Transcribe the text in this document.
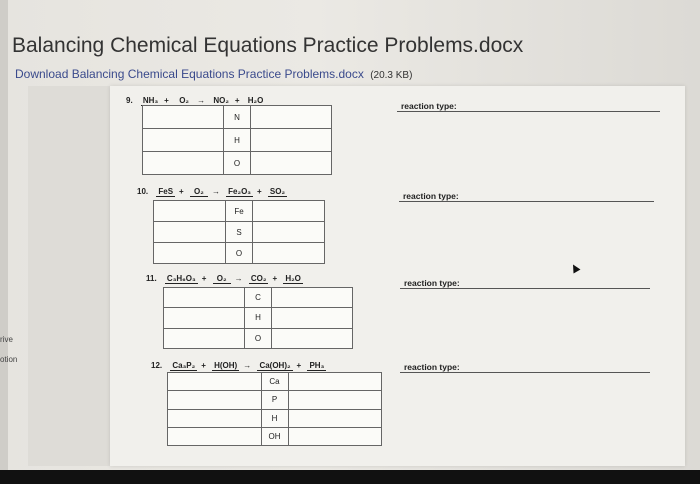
rive
otion
Balancing Chemical Equations Practice Problems.docx
Download Balancing Chemical Equations Practice Problems.docx (20.3 KB)
9. NH₃ + O₂ → NO₂ + H₂O
	N	
	H	
	O	
reaction type:
10. FeS + O₂ → Fe₂O₃ + SO₂
	Fe	
	S	
	O	
reaction type:
11. C₃H₆O₃ + O₂ → CO₂ + H₂O
	C	
	H	
	O	
reaction type:
12. Ca₃P₂ + H(OH) → Ca(OH)₂ + PH₃
	Ca	
	P	
	H	
	OH	
reaction type:
